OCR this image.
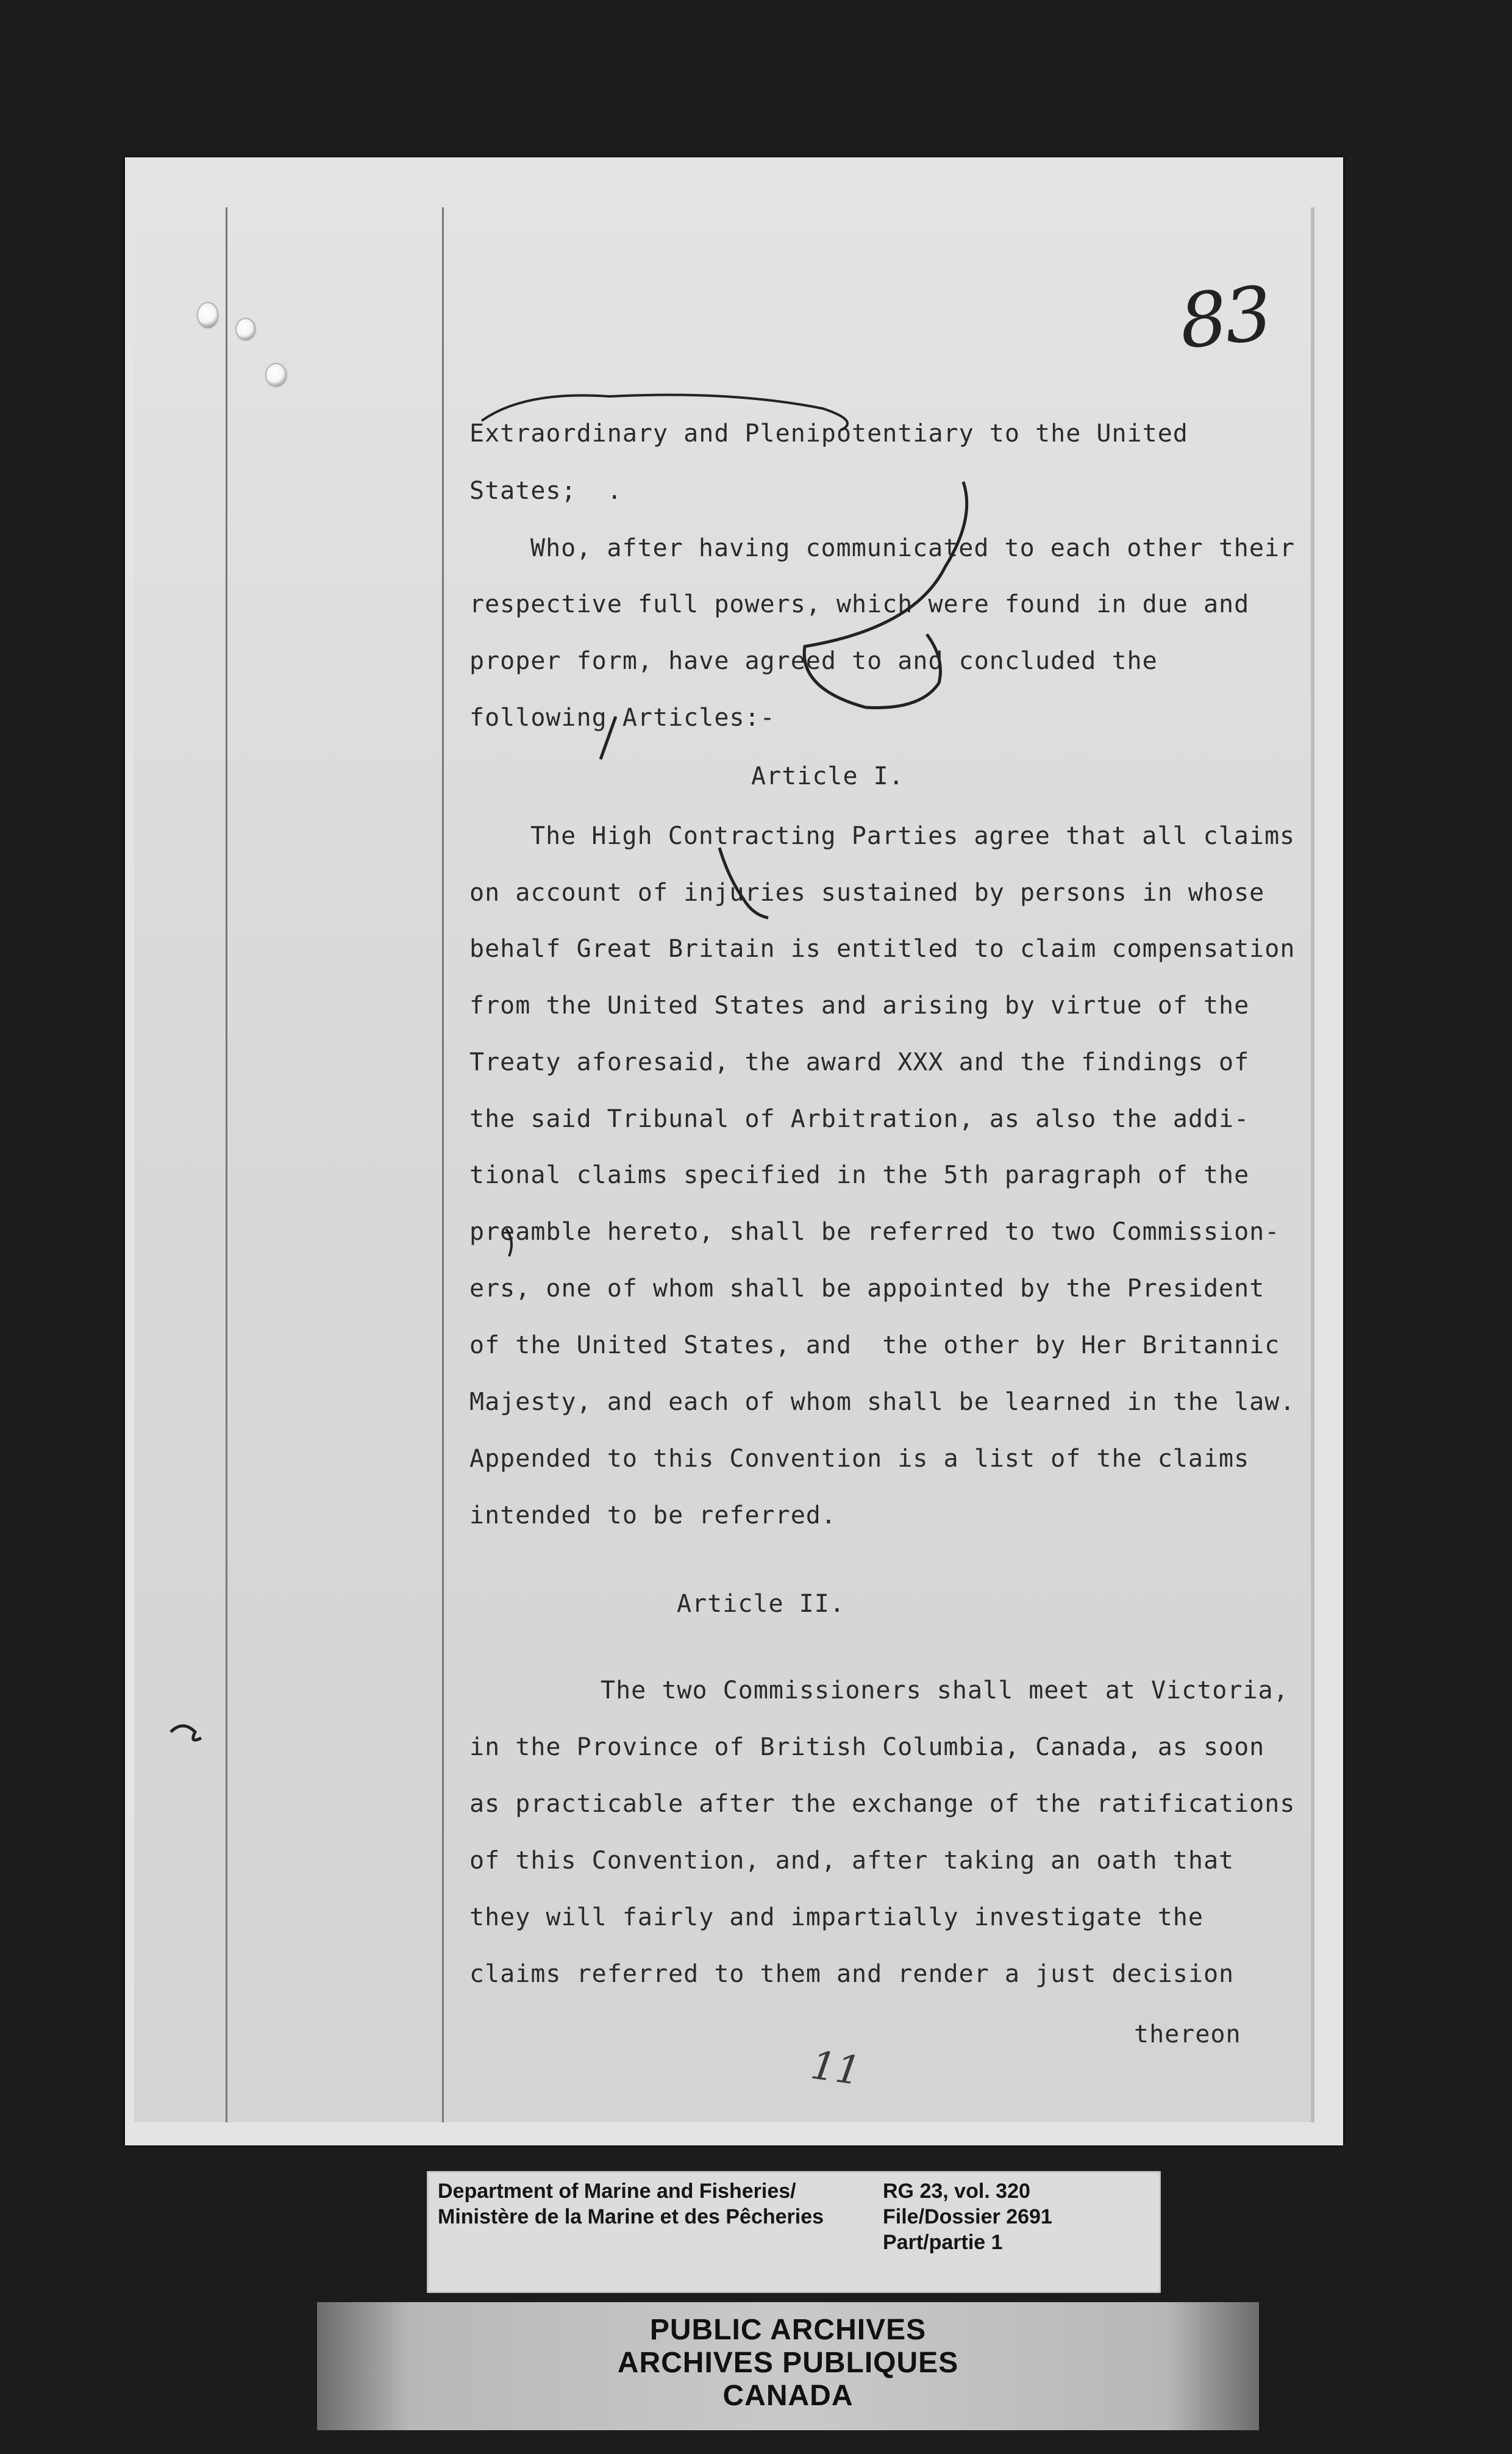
83

Extraordinary and Plenipotentiary to the United

States;  .

Who, after having communicated to each other their

respective full powers, which were found in due and

proper form, have agreed to and concluded the

following Articles:-

Article I.

The High Contracting Parties agree that all claims

on account of injuries sustained by persons in whose

behalf Great Britain is entitled to claim compensation

from the United States and arising by virtue of the

Treaty aforesaid, the award XXX and the findings of

the said Tribunal of Arbitration, as also the addi-

tional claims specified in the 5th paragraph of the

preamble hereto, shall be referred to two Commission-

ers, one of whom shall be appointed by the President

of the United States, and  the other by Her Britannic

Majesty, and each of whom shall be learned in the law.

Appended to this Convention is a list of the claims

intended to be referred.

Article II.

The two Commissioners shall meet at Victoria,

in the Province of British Columbia, Canada, as soon

as practicable after the exchange of the ratifications

of this Convention, and, after taking an oath that

they will fairly and impartially investigate the

claims referred to them and render a just decision

thereon

11

Department of Marine and Fisheries/

Ministère de la Marine et des Pêcheries

RG 23, vol. 320

File/Dossier 2691

Part/partie 1

PUBLIC ARCHIVES

ARCHIVES PUBLIQUES

CANADA
